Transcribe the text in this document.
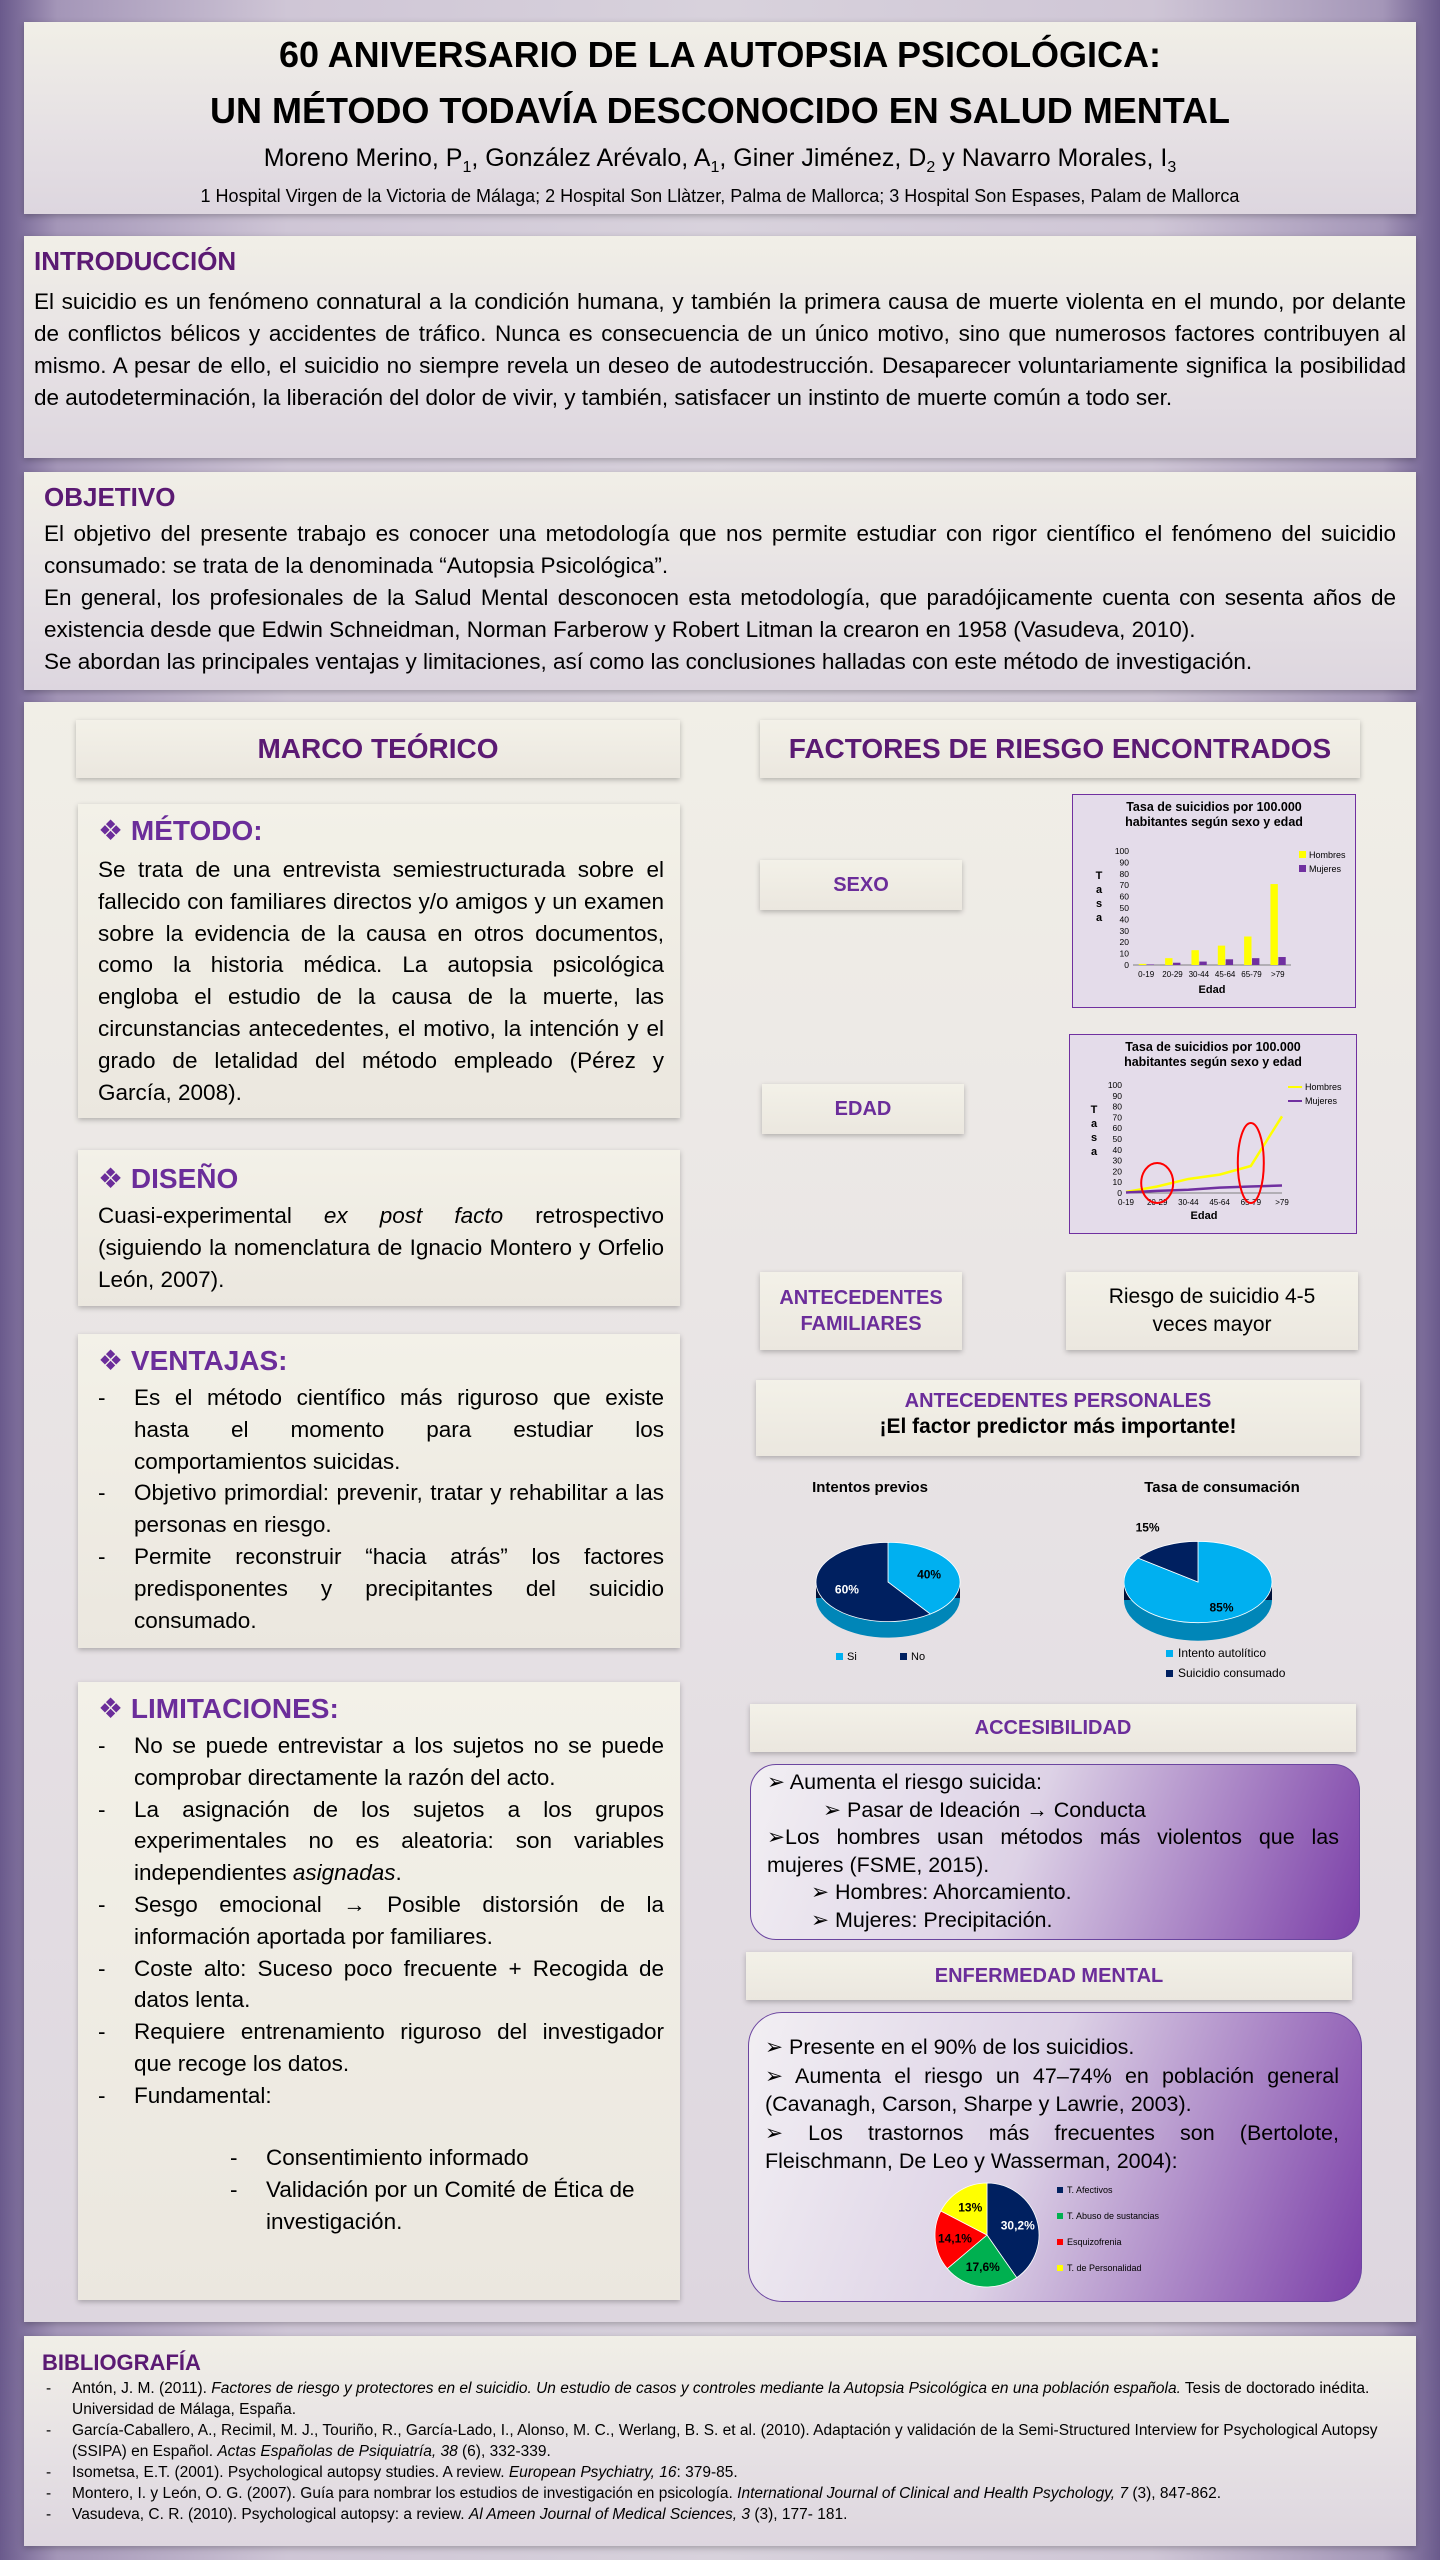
60 ANIVERSARIO DE LA AUTOPSIA PSICOLÓGICA:
UN MÉTODO TODAVÍA DESCONOCIDO EN SALUD MENTAL
Moreno Merino, $P_1$, González Arévalo, $A_1$, Giner Jiménez, $D_2$ y Navarro Morales, $I_3$
1 Hospital Virgen de la Victoria de Málaga; 2 Hospital Son Llàtzer, Palma de Mallorca; 3 Hospital Son Espases, Palam de Mallorca
INTRODUCCIÓN

El suicidio es un fenómeno connatural a la condición humana, y también la primera causa de muerte violenta en el mundo, por delante de conflictos bélicos y accidentes de tráfico. Nunca es consecuencia de un único motivo, sino que numerosos factores contribuyen al mismo. A pesar de ello, el suicidio no siempre revela un deseo de autodestrucción. Desaparecer voluntariamente significa la posibilidad de autodeterminación, la liberación del dolor de vivir, y también, satisfacer un instinto de muerte común a todo ser.

OBJETIVO

El objetivo del presente trabajo es conocer una metodología que nos permite estudiar con rigor científico el fenómeno del suicidio consumado: se trata de la denominada “Autopsia Psicológica”.

En general, los profesionales de la Salud Mental desconocen esta metodología, que paradójicamente cuenta con sesenta años de existencia desde que Edwin Schneidman, Norman Farberow y Robert Litman la crearon en 1958 (Vasudeva, 2010).

Se abordan las principales ventajas y limitaciones, así como las conclusiones halladas con este método de investigación.

MARCO TEÓRICO
❖ MÉTODO:

Se trata de una entrevista semiestructurada sobre el fallecido con familiares directos y/o amigos y un examen sobre la evidencia de la causa en otros documentos, como la historia médica. La autopsia psicológica engloba el estudio de la causa de la muerte, las circunstancias antecedentes, el motivo, la intención y el grado de letalidad del método empleado (Pérez y García, 2008).

❖ DISEÑO

Cuasi-experimental ex post facto retrospectivo (siguiendo la nomenclatura de Ignacio Montero y Orfelio León, 2007).

❖ VENTAJAS:
- Es el método científico más riguroso que existe hasta el momento para estudiar los comportamientos suicidas.
- Objetivo primordial: prevenir, tratar y rehabilitar a las personas en riesgo.
- Permite reconstruir “hacia atrás” los factores predisponentes y precipitantes del suicidio consumado.
❖ LIMITACIONES:
- No se puede entrevistar a los sujetos no se puede comprobar directamente la razón del acto.
- La asignación de los sujetos a los grupos experimentales no es aleatoria: son variables independientes asignadas.
- Sesgo emocional → Posible distorsión de la información aportada por familiares.
- Coste alto: Suceso poco frecuente + Recogida de datos lenta.
- Requiere entrenamiento riguroso del investigador que recoge los datos.
- Fundamental:
- Consentimiento informado
- Validación por un Comité de Ética de investigación.
FACTORES DE RIESGO ENCONTRADOS
SEXO
Tasa de suicidios por 100.000
habitantes según sexo y edad
0
10
20
30
40
50
60
70
80
90
100
T
a
s
a
0-19 20-29 30-44 45-64 65-79 >79
Edad
Hombres
Mujeres
EDAD
Tasa de suicidios por 100.000
habitantes según sexo y edad
0
10
20
30
40
50
60
70
80
90
100
T
a
s
a
0-19 20-29 30-44 45-64 65-79 >79
Edad
Hombres
Mujeres
ANTECEDENTES FAMILIARES
Riesgo de suicidio 4-5 veces mayor
ANTECEDENTES PERSONALES
¡El factor predictor más importante!
Intentos previos
40%
60%
Si	No
Tasa de consumación
85%
15%
Intento autolítico
Suicidio consumado
ACCESIBILIDAD
➢ Aumenta el riesgo suicida:
➢ Pasar de Ideación → Conducta
➢Los hombres usan métodos más violentos que las mujeres (FSME, 2015).
➢ Hombres: Ahorcamiento.
➢ Mujeres: Precipitación.
ENFERMEDAD MENTAL
➢ Presente en el 90% de los suicidios.
➢ Aumenta el riesgo un 47–74% en población general (Cavanagh, Carson, Sharpe y Lawrie, 2003).
➢ Los trastornos más frecuentes son (Bertolote, Fleischmann, De Leo y Wasserman, 2004):
30,2%
17,6%
14,1%
13%
T. Afectivos
T. Abuso de sustancias
Esquizofrenia
T. de Personalidad
BIBLIOGRAFÍA
- Antón, J. M. (2011). Factores de riesgo y protectores en el suicidio. Un estudio de casos y controles mediante la Autopsia Psicológica en una población española. Tesis de doctorado inédita. Universidad de Málaga, España.
- García-Caballero, A., Recimil, M. J., Touriño, R., García-Lado, I., Alonso, M. C., Werlang, B. S. et al. (2010). Adaptación y validación de la Semi-Structured Interview for Psychological Autopsy (SSIPA) en Español. Actas Españolas de Psiquiatría, 38 (6), 332-339.
- Isometsa, E.T. (2001). Psychological autopsy studies. A review. European Psychiatry, 16: 379-85.
- Montero, I. y León, O. G. (2007). Guía para nombrar los estudios de investigación en psicología. International Journal of Clinical and Health Psychology, 7 (3), 847-862.
- Vasudeva, C. R. (2010). Psychological autopsy: a review. Al Ameen Journal of Medical Sciences, 3 (3), 177- 181.
